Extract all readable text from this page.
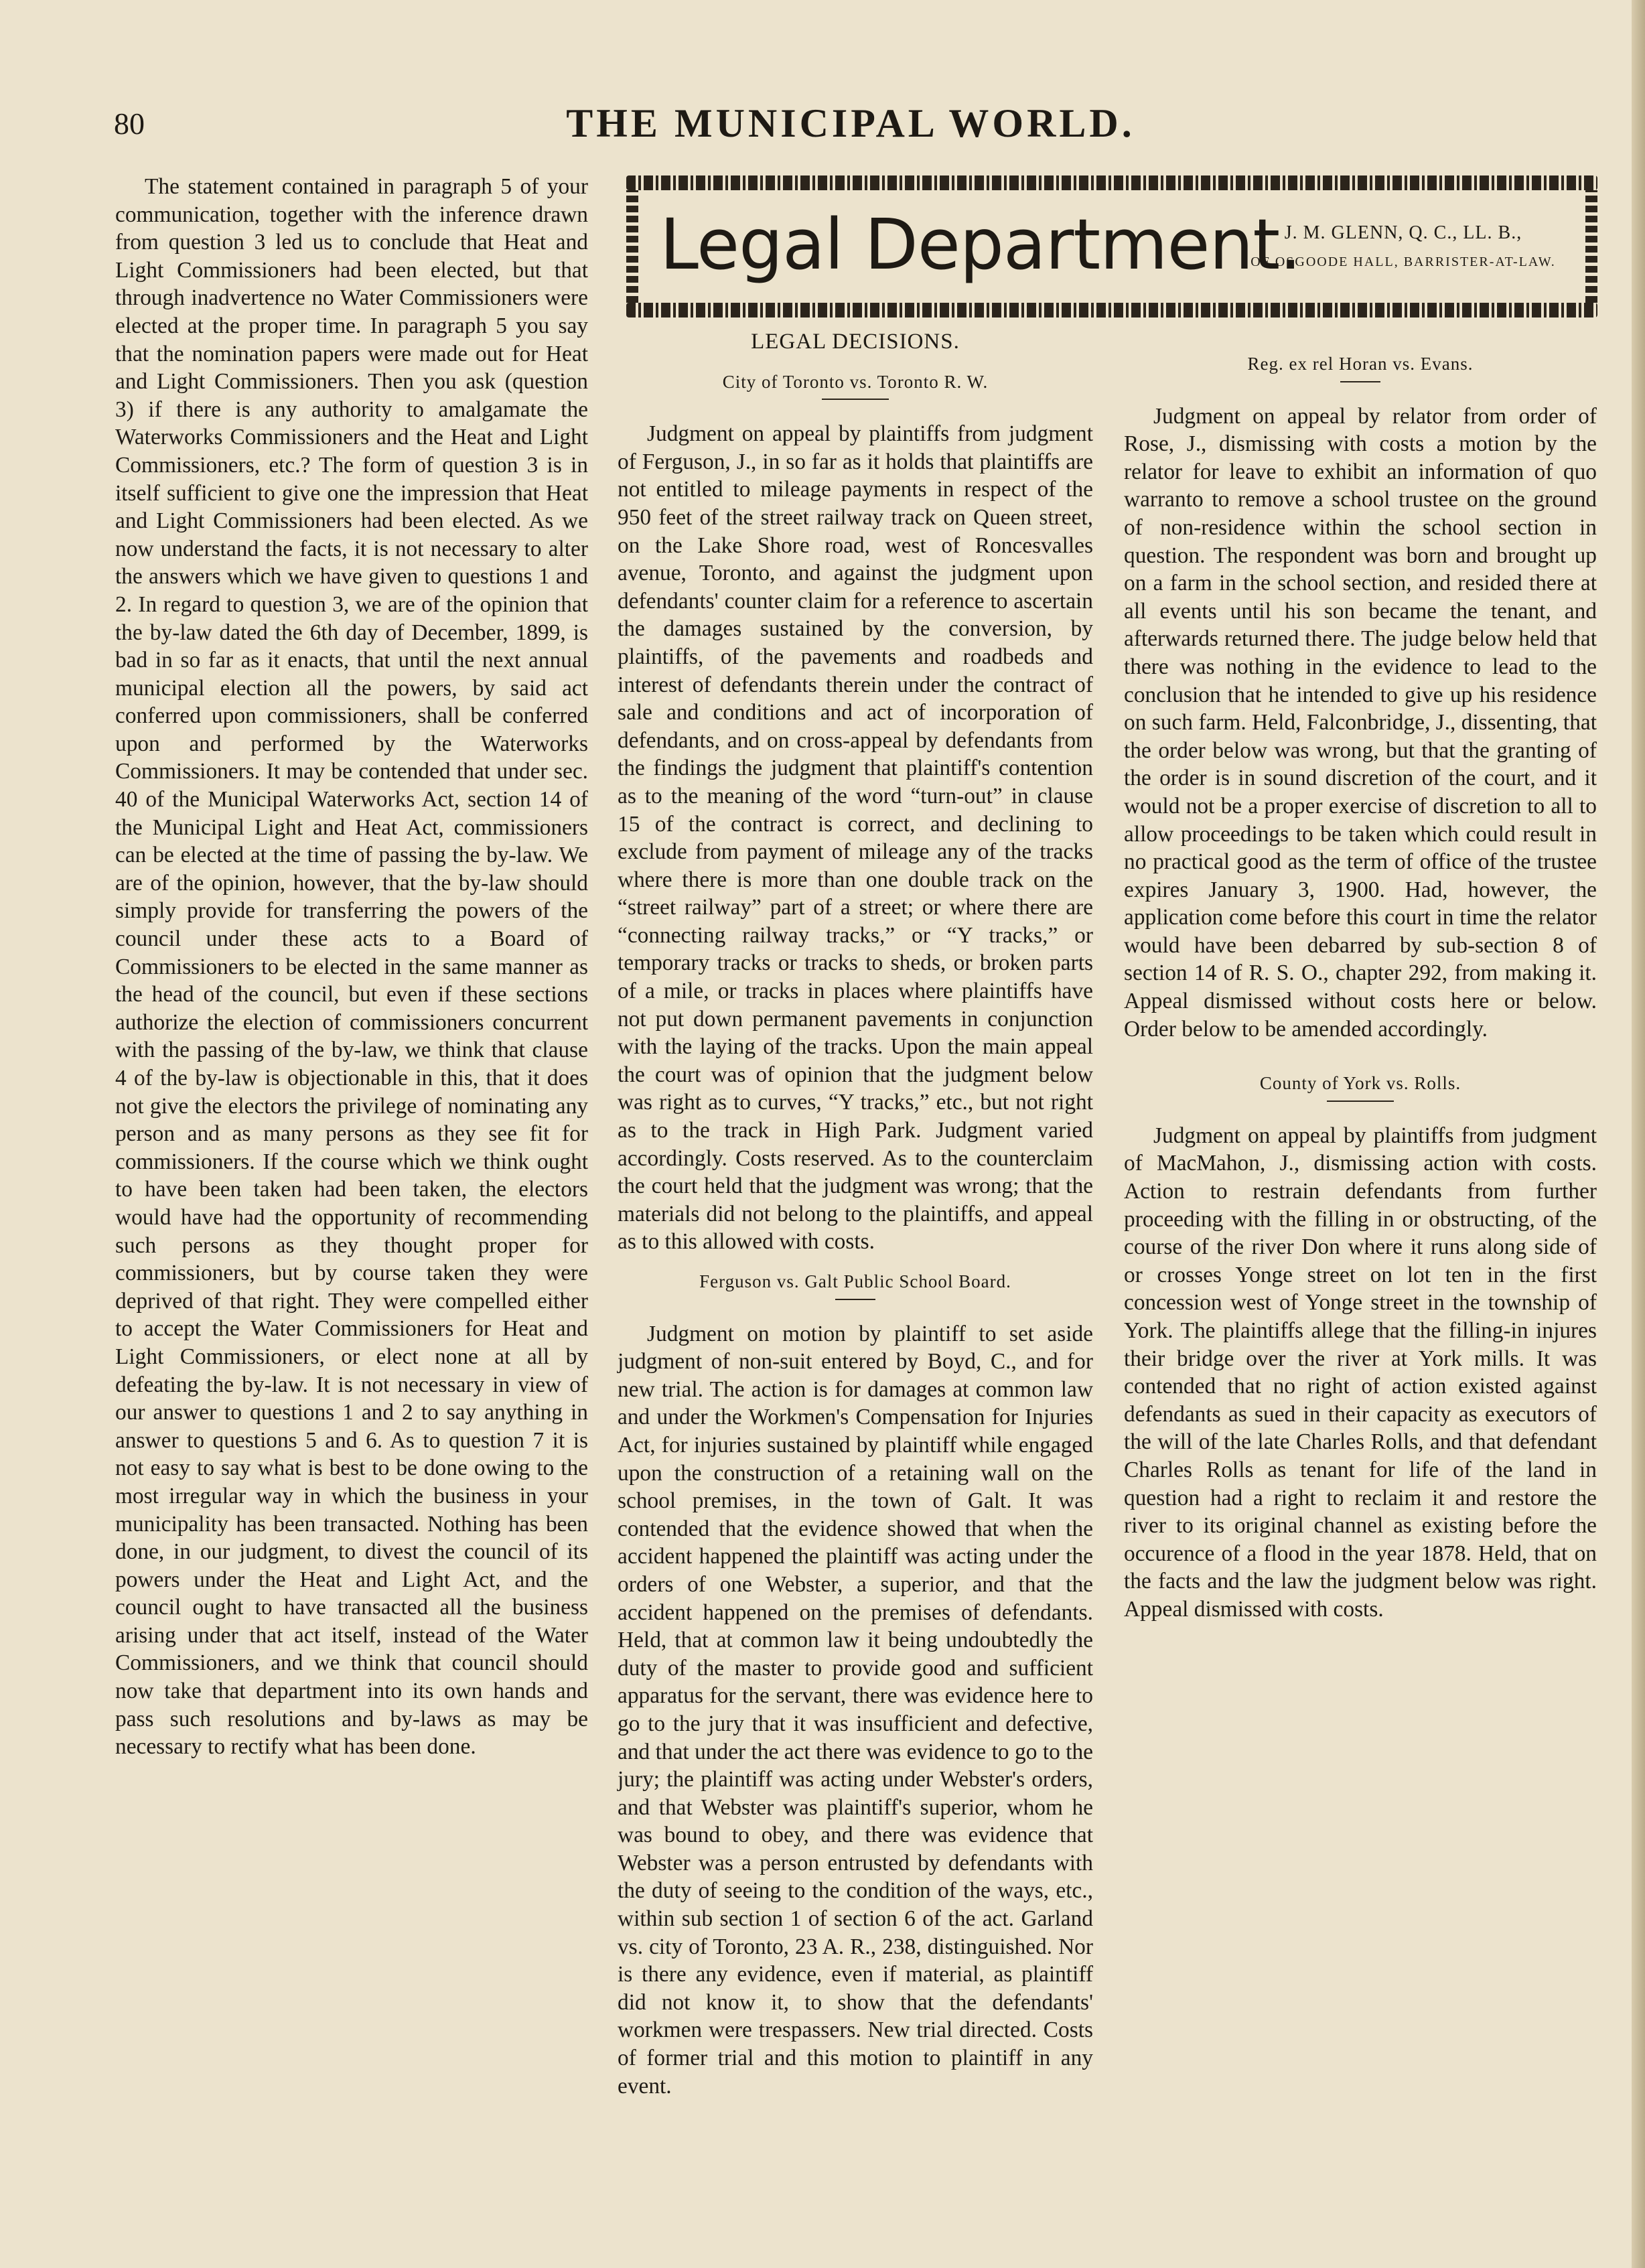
80	THE MUNICIPAL WORLD.
Legal Department.
J. M. GLENN, Q. C., LL. B.,
OF OSGOODE HALL, BARRISTER-AT-LAW.

The statement contained in paragraph 5 of your communication, together with the inference drawn from question 3 led us to conclude that Heat and Light Commissioners had been elected, but that through inadvertence no Water Commissioners were elected at the proper time. In paragraph 5 you say that the nomination papers were made out for Heat and Light Commissioners. Then you ask (question 3) if there is any authority to amalgamate the Waterworks Commissioners and the Heat and Light Commissioners, etc.? The form of question 3 is in itself sufficient to give one the impression that Heat and Light Commissioners had been elected. As we now understand the facts, it is not necessary to alter the answers which we have given to questions 1 and 2. In regard to question 3, we are of the opinion that the by-law dated the 6th day of December, 1899, is bad in so far as it enacts, that until the next annual municipal election all the powers, by said act conferred upon commissioners, shall be conferred upon and performed by the Waterworks Commissioners. It may be contended that under sec. 40 of the Municipal Waterworks Act, section 14 of the Municipal Light and Heat Act, commissioners can be elected at the time of passing the by-law. We are of the opinion, however, that the by-law should simply provide for transferring the powers of the council under these acts to a Board of Commissioners to be elected in the same manner as the head of the council, but even if these sections authorize the election of commissioners concurrent with the passing of the by-law, we think that clause 4 of the by-law is objectionable in this, that it does not give the electors the privilege of nominating any person and as many persons as they see fit for commissioners. If the course which we think ought to have been taken had been taken, the electors would have had the opportunity of recommending such persons as they thought proper for commissioners, but by course taken they were deprived of that right. They were compelled either to accept the Water Commissioners for Heat and Light Commissioners, or elect none at all by defeating the by-law. It is not necessary in view of our answer to questions 1 and 2 to say anything in answer to questions 5 and 6. As to question 7 it is not easy to say what is best to be done owing to the most irregular way in which the business in your municipality has been transacted. Nothing has been done, in our judgment, to divest the council of its powers under the Heat and Light Act, and the council ought to have transacted all the business arising under that act itself, instead of the Water Commissioners, and we think that council should now take that department into its own hands and pass such resolutions and by-laws as may be necessary to rectify what has been done.

LEGAL DECISIONS.
City of Toronto vs. Toronto R. W.

Judgment on appeal by plaintiffs from judgment of Ferguson, J., in so far as it holds that plaintiffs are not entitled to mileage payments in respect of the 950 feet of the street railway track on Queen street, on the Lake Shore road, west of Roncesvalles avenue, Toronto, and against the judgment upon defendants' counter claim for a reference to ascertain the damages sustained by the conversion, by plaintiffs, of the pavements and roadbeds and interest of defendants therein under the contract of sale and conditions and act of incorporation of defendants, and on cross-appeal by defendants from the findings the judgment that plaintiff's contention as to the meaning of the word “turn-out” in clause 15 of the contract is correct, and declining to exclude from payment of mileage any of the tracks where there is more than one double track on the “street railway” part of a street; or where there are “connecting railway tracks,” or “Y tracks,” or temporary tracks or tracks to sheds, or broken parts of a mile, or tracks in places where plaintiffs have not put down permanent pavements in conjunction with the laying of the tracks. Upon the main appeal the court was of opinion that the judgment below was right as to curves, “Y tracks,” etc., but not right as to the track in High Park. Judgment varied accordingly. Costs reserved. As to the counterclaim the court held that the judgment was wrong; that the materials did not belong to the plaintiffs, and appeal as to this allowed with costs.

Ferguson vs. Galt Public School Board.

Judgment on motion by plaintiff to set aside judgment of non-suit entered by Boyd, C., and for new trial. The action is for damages at common law and under the Workmen's Compensation for Injuries Act, for injuries sustained by plaintiff while engaged upon the construction of a retaining wall on the school premises, in the town of Galt. It was contended that the evidence showed that when the accident happened the plaintiff was acting under the orders of one Webster, a superior, and that the accident happened on the premises of defendants. Held, that at common law it being undoubtedly the duty of the master to provide good and sufficient apparatus for the servant, there was evidence here to go to the jury that it was insufficient and defective, and that under the act there was evidence to go to the jury; the plaintiff was acting under Webster's orders, and that Webster was plaintiff's superior, whom he was bound to obey, and there was evidence that Webster was a person entrusted by defendants with the duty of seeing to the condition of the ways, etc., within sub section 1 of section 6 of the act. Garland vs. city of Toronto, 23 A. R., 238, distinguished. Nor is there any evidence, even if material, as plaintiff did not know it, to show that the defendants' workmen were trespassers. New trial directed. Costs of former trial and this motion to plaintiff in any event.

Reg. ex rel Horan vs. Evans.

Judgment on appeal by relator from order of Rose, J., dismissing with costs a motion by the relator for leave to exhibit an information of quo warranto to remove a school trustee on the ground of non-residence within the school section in question. The respondent was born and brought up on a farm in the school section, and resided there at all events until his son became the tenant, and afterwards returned there. The judge below held that there was nothing in the evidence to lead to the conclusion that he intended to give up his residence on such farm. Held, Falconbridge, J., dissenting, that the order below was wrong, but that the granting of the order is in sound discretion of the court, and it would not be a proper exercise of discretion to all to allow proceedings to be taken which could result in no practical good as the term of office of the trustee expires January 3, 1900. Had, however, the application come before this court in time the relator would have been debarred by sub-section 8 of section 14 of R. S. O., chapter 292, from making it. Appeal dismissed without costs here or below. Order below to be amended accordingly.

County of York vs. Rolls.

Judgment on appeal by plaintiffs from judgment of MacMahon, J., dismissing action with costs. Action to restrain defendants from further proceeding with the filling in or obstructing, of the course of the river Don where it runs along side of or crosses Yonge street on lot ten in the first concession west of Yonge street in the township of York. The plaintiffs allege that the filling-in injures their bridge over the river at York mills. It was contended that no right of action existed against defendants as sued in their capacity as executors of the will of the late Charles Rolls, and that defendant Charles Rolls as tenant for life of the land in question had a right to reclaim it and restore the river to its original channel as existing before the occurence of a flood in the year 1878. Held, that on the facts and the law the judgment below was right. Appeal dismissed with costs.
